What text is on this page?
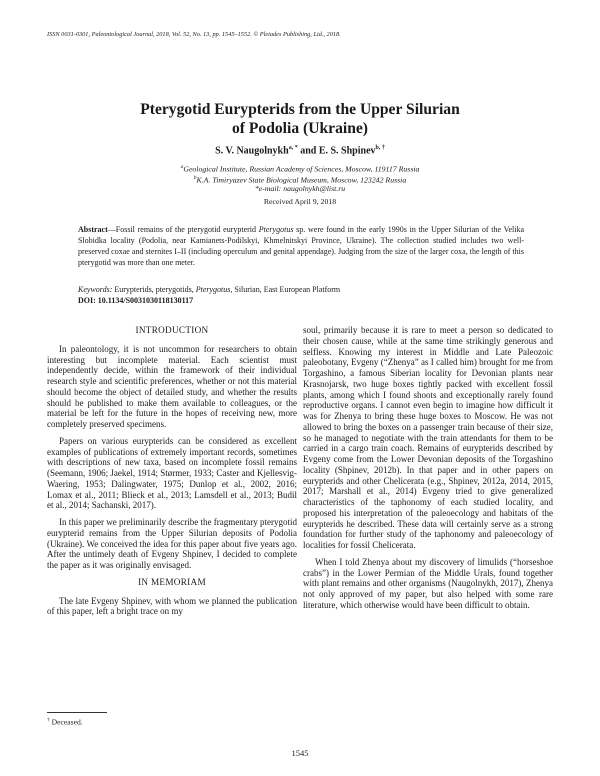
ISSN 0031-0301, Paleontological Journal, 2018, Vol. 52, No. 13, pp. 1545–1552. © Pleiades Publishing, Ltd., 2018.
Pterygotid Eurypterids from the Upper Silurian
of Podolia (Ukraine)
S. V. Naugolnykh$^{a, *}$ and E. S. Shpinev$^{b, \dagger}$
$^a$Geological Institute, Russian Academy of Sciences, Moscow, 119117 Russia
$^b$K.A. Timiryazev State Biological Museum, Moscow, 123242 Russia
*e-mail: naugolnykh@list.ru
Received April 9, 2018
Abstract—Fossil remains of the pterygotid eurypterid Pterygotus sp. were found in the early 1990s in the Upper Silurian of the Velika Slobidka locality (Podolia, near Kamianets-Podilskyi, Khmelnitskyi Province, Ukraine). The collection studied includes two well-preserved coxae and sternites I–II (including operculum and genital appendage). Judging from the size of the larger coxa, the length of this pterygotid was more than one meter.
Keywords: Eurypterids, pterygotids, Pterygotus, Silurian, East European Platform
DOI: 10.1134/S0031030118130117
INTRODUCTION

In paleontology, it is not uncommon for researchers to obtain interesting but incomplete material. Each scientist must independently decide, within the framework of their individual research style and scientific preferences, whether or not this material should become the object of detailed study, and whether the results should be published to make them available to colleagues, or the material be left for the future in the hopes of receiving new, more completely preserved specimens.

Papers on various eurypterids can be considered as excellent examples of publications of extremely important records, sometimes with descriptions of new taxa, based on incomplete fossil remains (Seemann, 1906; Jaekel, 1914; Størmer, 1933; Caster and Kjellesvig-Waering, 1953; Dalingwater, 1975; Dunlop et al., 2002, 2016; Lomax et al., 2011; Blieck et al., 2013; Lamsdell et al., 2013; Budil et al., 2014; Sachanski, 2017).

In this paper we preliminarily describe the fragmentary pterygotid eurypterid remains from the Upper Silurian deposits of Podolia (Ukraine). We conceived the idea for this paper about five years ago. After the untimely death of Evgeny Shpinev, I decided to complete the paper as it was originally envisaged.

IN MEMORIAM

The late Evgeny Shpinev, with whom we planned the publication of this paper, left a bright trace on my

soul, primarily because it is rare to meet a person so dedicated to their chosen cause, while at the same time strikingly generous and selfless. Knowing my interest in Middle and Late Paleozoic paleobotany, Evgeny (“Zhenya” as I called him) brought for me from Torgashino, a famous Siberian locality for Devonian plants near Krasnojarsk, two huge boxes tightly packed with excellent fossil plants, among which I found shoots and exceptionally rarely found reproductive organs. I cannot even begin to imagine how difficult it was for Zhenya to bring these huge boxes to Moscow. He was not allowed to bring the boxes on a passenger train because of their size, so he managed to negotiate with the train attendants for them to be carried in a cargo train coach. Remains of eurypterids described by Evgeny come from the Lower Devonian deposits of the Torgashino locality (Shpinev, 2012b). In that paper and in other papers on eurypterids and other Chelicerata (e.g., Shpinev, 2012a, 2014, 2015, 2017; Marshall et al., 2014) Evgeny tried to give generalized characteristics of the taphonomy of each studied locality, and proposed his interpretation of the paleoecology and habitats of the eurypterids he described. These data will certainly serve as a strong foundation for further study of the taphonomy and paleoecology of localities for fossil Chelicerata.

When I told Zhenya about my discovery of limulids (“horseshoe crabs”) in the Lower Permian of the Middle Urals, found together with plant remains and other organisms (Naugolnykh, 2017), Zhenya not only approved of my paper, but also helped with some rare literature, which otherwise would have been difficult to obtain.

† Deceased.
1545
